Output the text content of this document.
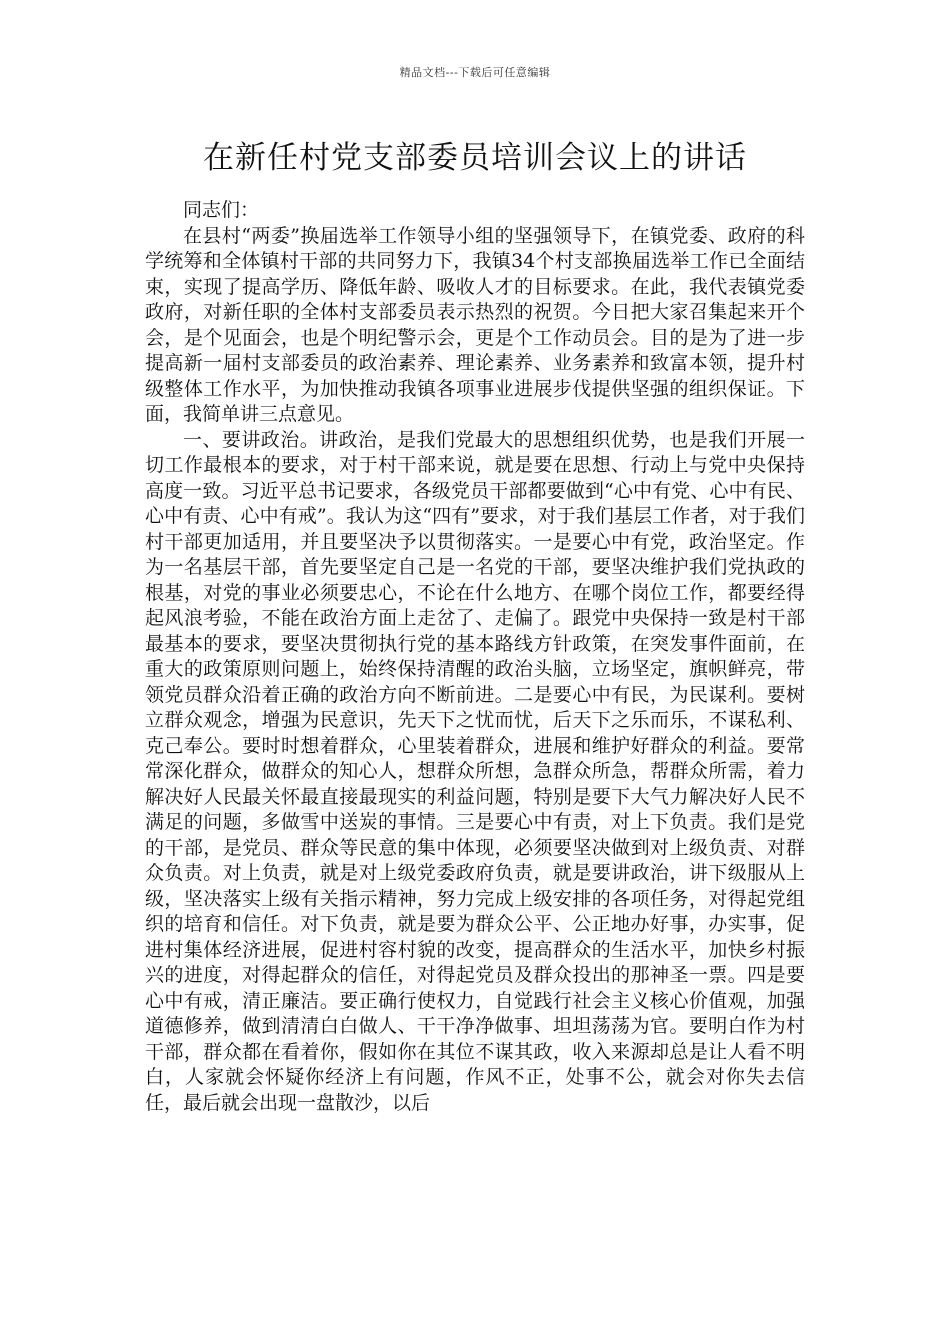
精品文档---下载后可任意编辑
在新任村党支部委员培训会议上的讲话

同志们：

在县村“两委”换届选举工作领导小组的坚强领导下，在镇党委、政府的科学统筹和全体镇村干部的共同努力下，我镇34个村支部换届选举工作已全面结束，实现了提高学历、降低年龄、吸收人才的目标要求。在此，我代表镇党委政府，对新任职的全体村支部委员表示热烈的祝贺。今日把大家召集起来开个会，是个见面会，也是个明纪警示会，更是个工作动员会。目的是为了进一步提高新一届村支部委员的政治素养、理论素养、业务素养和致富本领，提升村级整体工作水平，为加快推动我镇各项事业进展步伐提供坚强的组织保证。下面，我简单讲三点意见。

一、要讲政治。讲政治，是我们党最大的思想组织优势，也是我们开展一切工作最根本的要求，对于村干部来说，就是要在思想、行动上与党中央保持高度一致。习近平总书记要求，各级党员干部都要做到“心中有党、心中有民、心中有责、心中有戒”。我认为这“四有”要求，对于我们基层工作者，对于我们村干部更加适用，并且要坚决予以贯彻落实。一是要心中有党，政治坚定。作为一名基层干部，首先要坚定自己是一名党的干部，要坚决维护我们党执政的根基，对党的事业必须要忠心，不论在什么地方、在哪个岗位工作，都要经得起风浪考验，不能在政治方面上走岔了、走偏了。跟党中央保持一致是村干部最基本的要求，要坚决贯彻执行党的基本路线方针政策，在突发事件面前，在重大的政策原则问题上，始终保持清醒的政治头脑，立场坚定，旗帜鲜亮，带领党员群众沿着正确的政治方向不断前进。二是要心中有民，为民谋利。要树立群众观念，增强为民意识，先天下之忧而忧，后天下之乐而乐，不谋私利、克己奉公。要时时想着群众，心里装着群众，进展和维护好群众的利益。要常常深化群众，做群众的知心人，想群众所想，急群众所急，帮群众所需，着力解决好人民最关怀最直接最现实的利益问题，特别是要下大气力解决好人民不满足的问题，多做雪中送炭的事情。三是要心中有责，对上下负责。我们是党的干部，是党员、群众等民意的集中体现，必须要坚决做到对上级负责、对群众负责。对上负责，就是对上级党委政府负责，就是要讲政治，讲下级服从上级，坚决落实上级有关指示精神，努力完成上级安排的各项任务，对得起党组织的培育和信任。对下负责，就是要为群众公平、公正地办好事，办实事，促进村集体经济进展，促进村容村貌的改变，提高群众的生活水平，加快乡村振兴的进度，对得起群众的信任，对得起党员及群众投出的那神圣一票。四是要心中有戒，清正廉洁。要正确行使权力，自觉践行社会主义核心价值观，加强道德修养，做到清清白白做人、干干净净做事、坦坦荡荡为官。要明白作为村干部，群众都在看着你，假如你在其位不谋其政，收入来源却总是让人看不明白，人家就会怀疑你经济上有问题，作风不正，处事不公，就会对你失去信任，最后就会出现一盘散沙，以后
